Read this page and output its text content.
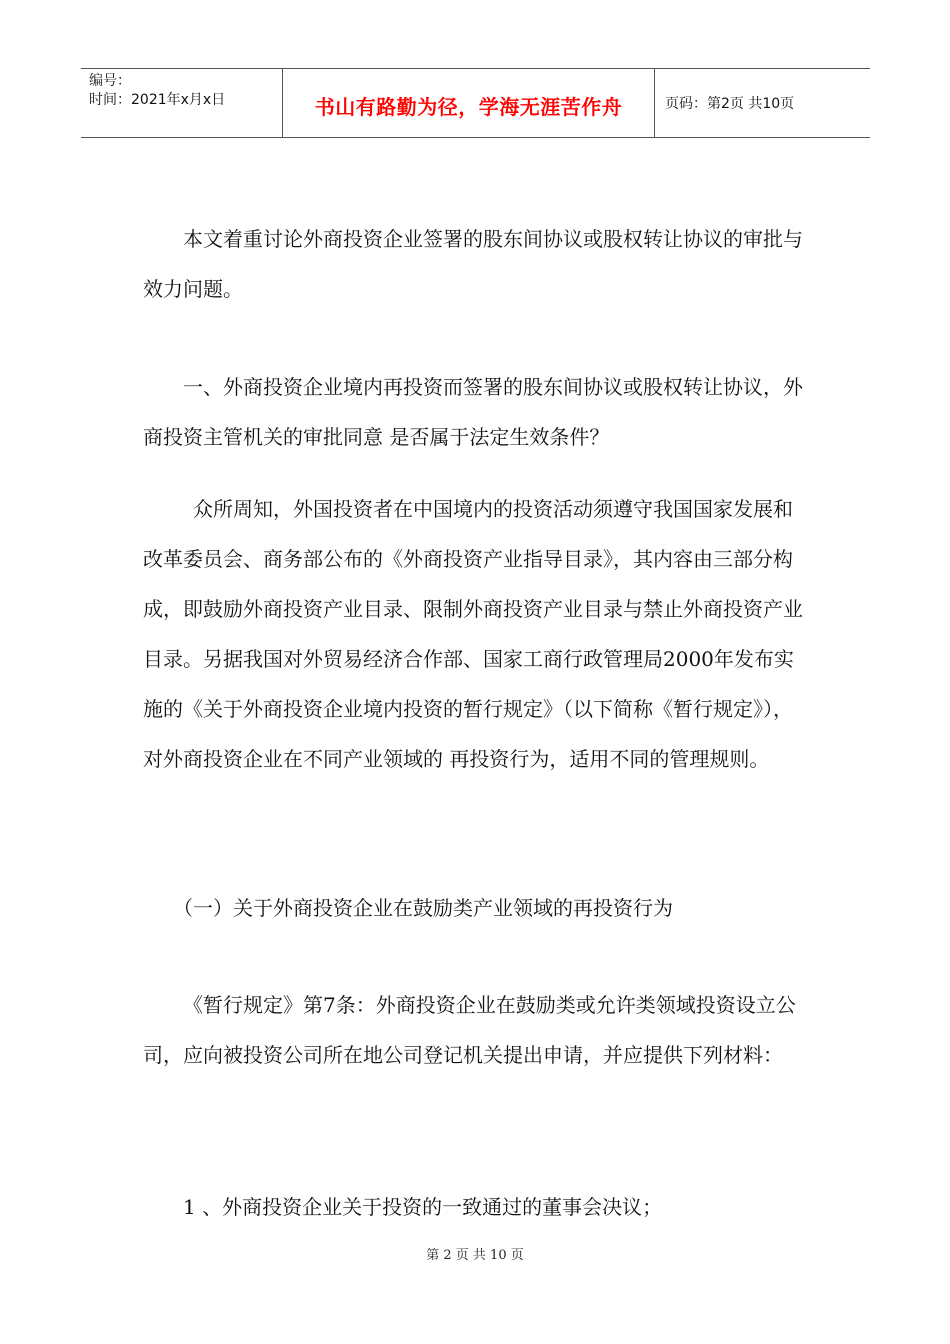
编号：
时间：2021年x月x日	书山有路勤为径，学海无涯苦作舟	页码：第2页 共10页

本文着重讨论外商投资企业签署的股东间协议或股权转让协议的审批与效力问题。

一、外商投资企业境内再投资而签署的股东间协议或股权转让协议，外商投资主管机关的审批同意 是否属于法定生效条件？

众所周知，外国投资者在中国境内的投资活动须遵守我国国家发展和改革委员会、商务部公布的《外商投资产业指导目录》，其内容由三部分构成，即鼓励外商投资产业目录、限制外商投资产业目录与禁止外商投资产业目录。另据我国对外贸易经济合作部、国家工商行政管理局2000年发布实施的《关于外商投资企业境内投资的暂行规定》（以下简称《暂行规定》），对外商投资企业在不同产业领域的 再投资行为，适用不同的管理规则。

（一）关于外商投资企业在鼓励类产业领域的再投资行为

《暂行规定》第7条：外商投资企业在鼓励类或允许类领域投资设立公司，应向被投资公司所在地公司登记机关提出申请，并应提供下列材料：

1 、外商投资企业关于投资的一致通过的董事会决议；

第 2 页 共 10 页
